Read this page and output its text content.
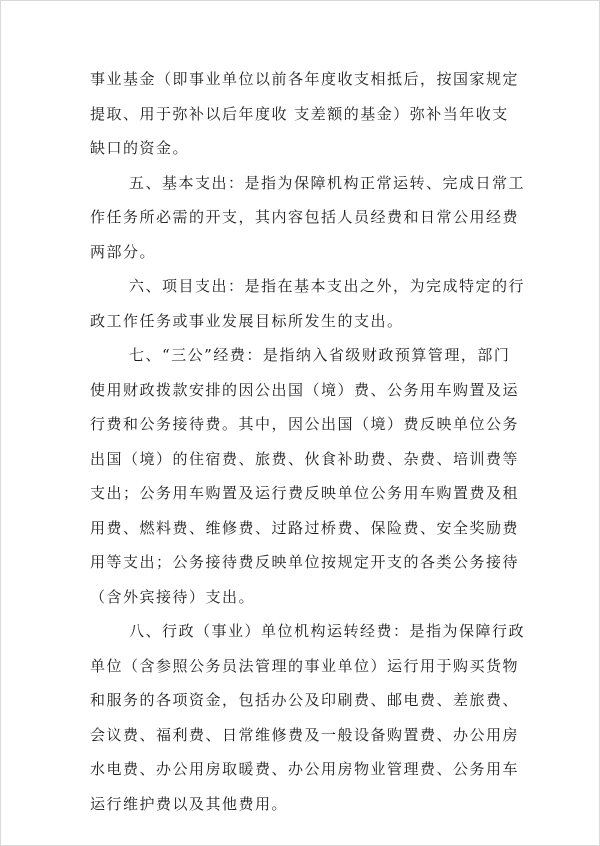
事业基金（即事业单位以前各年度收支相抵后，按国家规定
提取、用于弥补以后年度收 支差额的基金）弥补当年收支
缺口的资金。
五、基本支出：是指为保障机构正常运转、完成日常工
作任务所必需的开支，其内容包括人员经费和日常公用经费
两部分。
六、项目支出：是指在基本支出之外，为完成特定的行
政工作任务或事业发展目标所发生的支出。
七、“三公”经费：是指纳入省级财政预算管理，部门
使用财政拨款安排的因公出国（境）费、公务用车购置及运
行费和公务接待费。其中，因公出国（境）费反映单位公务
出国（境）的住宿费、旅费、伙食补助费、杂费、培训费等
支出；公务用车购置及运行费反映单位公务用车购置费及租
用费、燃料费、维修费、过路过桥费、保险费、安全奖励费
用等支出；公务接待费反映单位按规定开支的各类公务接待
（含外宾接待）支出。
八、行政（事业）单位机构运转经费：是指为保障行政
单位（含参照公务员法管理的事业单位）运行用于购买货物
和服务的各项资金，包括办公及印刷费、邮电费、差旅费、
会议费、福利费、日常维修费及一般设备购置费、办公用房
水电费、办公用房取暖费、办公用房物业管理费、公务用车
运行维护费以及其他费用。
